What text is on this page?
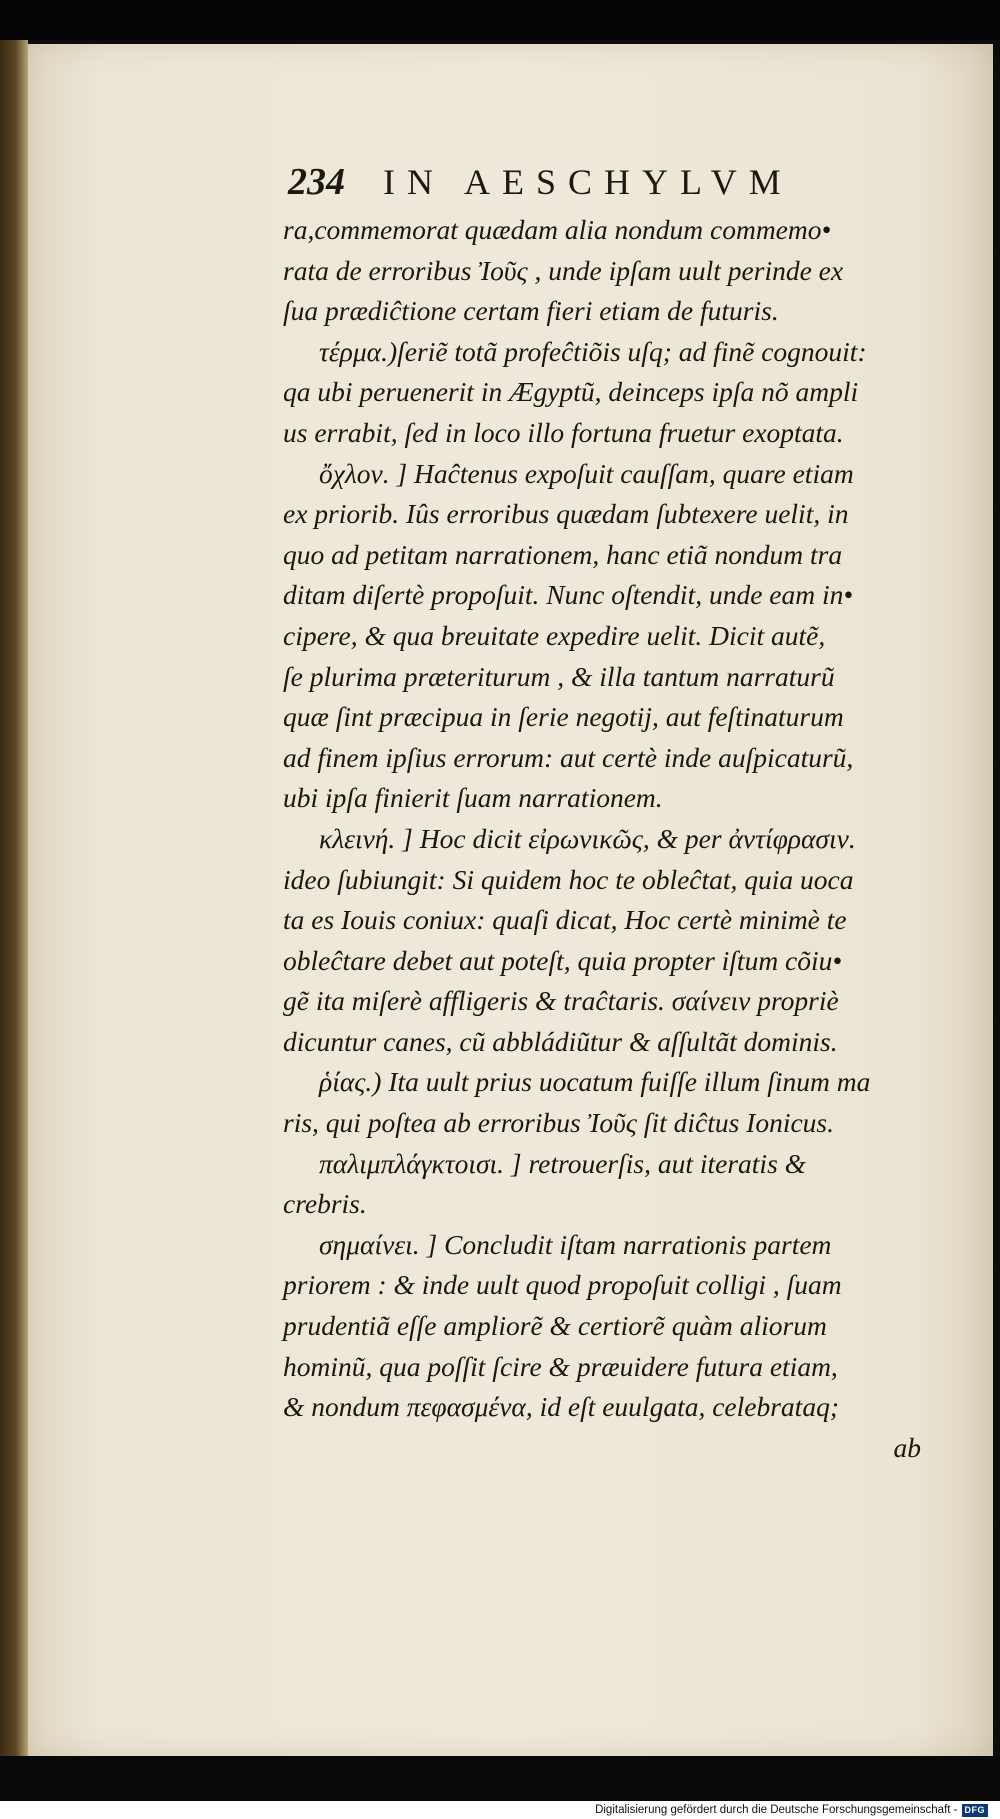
234 IN AESCHYLVM
ra,commemorat quædam alia nondum commemo•
rata de erroribus Ἰοῦς , unde ipſam uult perinde ex
ſua prædiĉtione certam fieri etiam de futuris.
τέρμα.)ſeriẽ totã profeĉtiõis uſq; ad finẽ cognouit:
qa ubi peruenerit in Ægyptũ, deinceps ipſa nõ ampli
us errabit, ſed in loco illo fortuna fruetur exoptata.
ὄχλον. ] Haĉtenus expoſuit cauſſam, quare etiam
ex priorib. Iûs erroribus quædam ſubtexere uelit, in
quo ad petitam narrationem, hanc etiã nondum tra
ditam diſertè propoſuit. Nunc oſtendit, unde eam in•
cipere, & qua breuitate expedire uelit. Dicit autẽ,
ſe plurima præteriturum , & illa tantum narraturũ
quæ ſint præcipua in ſerie negotij, aut feſtinaturum
ad finem ipſius errorum: aut certè inde auſpicaturũ,
ubi ipſa finierit ſuam narrationem.
κλεινή. ] Hoc dicit εἰρωνικῶς, & per ἀντίφρασιν.
ideo ſubiungit: Si quidem hoc te obleĉtat, quia uoca
ta es Iouis coniux: quaſi dicat, Hoc certè minimè te
obleĉtare debet aut poteſt, quia propter iſtum cõiu•
gẽ ita miſerè affligeris & traĉtaris. σαίνειν propriè
dicuntur canes, cũ abbládiũtur & aſſultãt dominis.
ῥίας.) Ita uult prius uocatum fuiſſe illum ſinum ma
ris, qui poſtea ab erroribus Ἰοῦς ſit diĉtus Ionicus.
παλιμπλάγκτοισι. ] retrouerſis, aut iteratis &
crebris.
σημαίνει. ] Concludit iſtam narrationis partem
priorem : & inde uult quod propoſuit colligi , ſuam
prudentiã eſſe ampliorẽ & certiorẽ quàm aliorum
hominũ, qua poſſit ſcire & præuidere futura etiam,
& nondum πεφασμένα, id eſt euulgata, celebrataq;
ab
Digitalisierung gefördert durch die Deutsche Forschungsgemeinschaft - DFG
